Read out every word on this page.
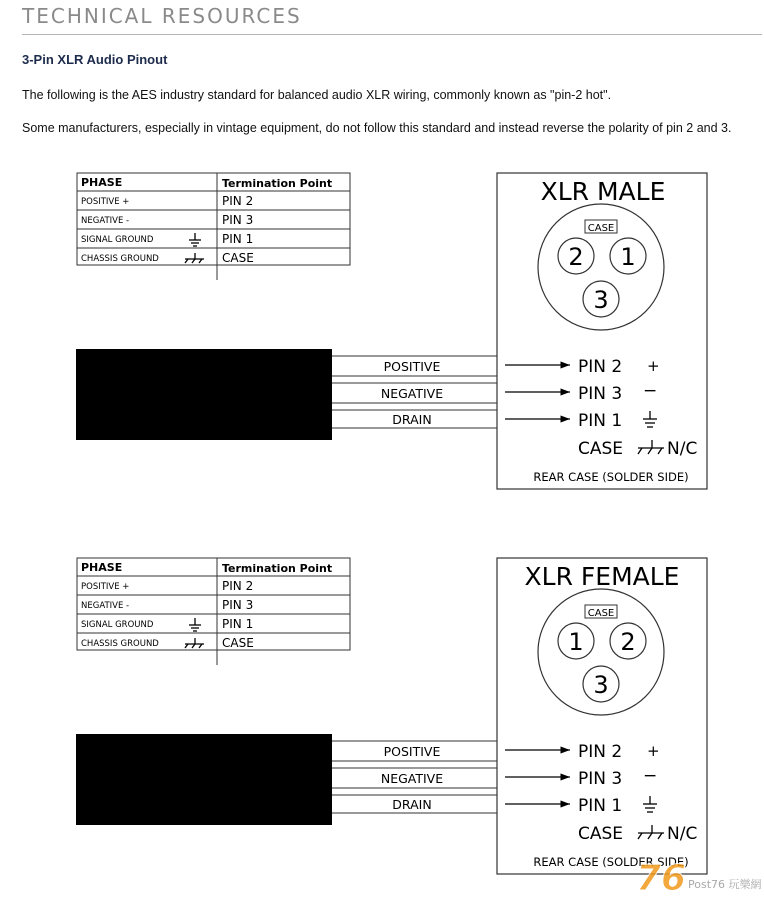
TECHNICAL RESOURCES
3-Pin XLR Audio Pinout
The following is the AES industry standard for balanced audio XLR wiring, commonly known as "pin-2 hot".
Some manufacturers, especially in vintage equipment, do not follow this standard and instead reverse the polarity of pin 2 and 3.
PHASE	Termination Point
POSITIVE +	PIN 2
NEGATIVE -	PIN 3
SIGNAL GROUND	PIN 1
CHASSIS GROUND	CASE
POSITIVE
NEGATIVE
DRAIN
XLR MALE
CASE
2 1
3
PIN 2 +
PIN 3 −
PIN 1
CASE	N/C
REAR CASE (SOLDER SIDE)
PHASE	Termination Point
POSITIVE +	PIN 2
NEGATIVE -	PIN 3
SIGNAL GROUND	PIN 1
CHASSIS GROUND	CASE
POSITIVE
NEGATIVE
DRAIN
XLR FEMALE
CASE
1 2
3
PIN 2 +
PIN 3 −
PIN 1
CASE	N/C
REAR CASE (SOLDER SIDE)
76 Post76 玩樂網
